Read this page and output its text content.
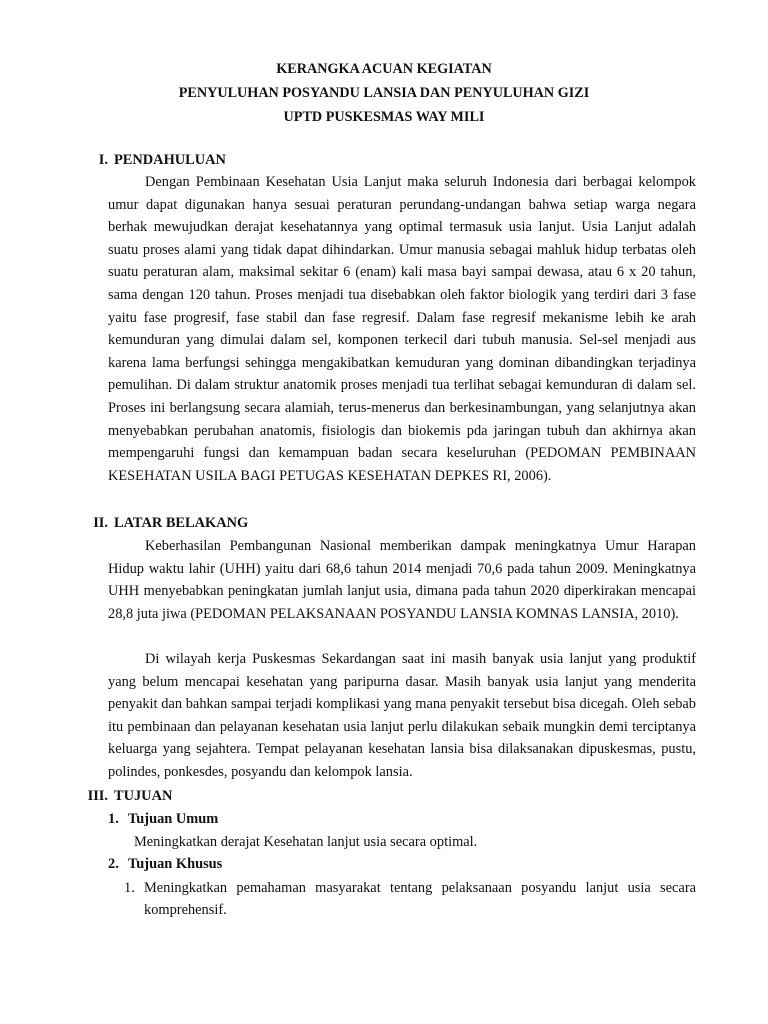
KERANGKA ACUAN KEGIATAN
PENYULUHAN POSYANDU LANSIA DAN PENYULUHAN GIZI
UPTD PUSKESMAS WAY MILI
I. PENDAHULUAN

Dengan Pembinaan Kesehatan Usia Lanjut maka seluruh Indonesia dari berbagai kelompok umur dapat digunakan hanya sesuai peraturan perundang-undangan bahwa setiap warga negara berhak mewujudkan derajat kesehatannya yang optimal termasuk usia lanjut. Usia Lanjut adalah suatu proses alami yang tidak dapat dihindarkan. Umur manusia sebagai mahluk hidup terbatas oleh suatu peraturan alam, maksimal sekitar 6 (enam) kali masa bayi sampai dewasa, atau 6 x 20 tahun, sama dengan 120 tahun. Proses menjadi tua disebabkan oleh faktor biologik yang terdiri dari 3 fase yaitu fase progresif, fase stabil dan fase regresif. Dalam fase regresif mekanisme lebih ke arah kemunduran yang dimulai dalam sel, komponen terkecil dari tubuh manusia. Sel-sel menjadi aus karena lama berfungsi sehingga mengakibatkan kemuduran yang dominan dibandingkan terjadinya pemulihan. Di dalam struktur anatomik proses menjadi tua terlihat sebagai kemunduran di dalam sel. Proses ini berlangsung secara alamiah, terus-menerus dan berkesinambungan, yang selanjutnya akan menyebabkan perubahan anatomis, fisiologis dan biokemis pda jaringan tubuh dan akhirnya akan mempengaruhi fungsi dan kemampuan badan secara keseluruhan (PEDOMAN PEMBINAAN KESEHATAN USILA BAGI PETUGAS KESEHATAN DEPKES RI, 2006).

II. LATAR BELAKANG

Keberhasilan Pembangunan Nasional memberikan dampak meningkatnya Umur Harapan Hidup waktu lahir (UHH) yaitu dari 68,6 tahun 2014 menjadi 70,6 pada tahun 2009. Meningkatnya UHH menyebabkan peningkatan jumlah lanjut usia, dimana pada tahun 2020 diperkirakan mencapai 28,8 juta jiwa (PEDOMAN PELAKSANAAN POSYANDU LANSIA KOMNAS LANSIA, 2010).

Di wilayah kerja Puskesmas Sekardangan saat ini masih banyak usia lanjut yang produktif yang belum mencapai kesehatan yang paripurna dasar. Masih banyak usia lanjut yang menderita penyakit dan bahkan sampai terjadi komplikasi yang mana penyakit tersebut bisa dicegah. Oleh sebab itu pembinaan dan pelayanan kesehatan usia lanjut perlu dilakukan sebaik mungkin demi terciptanya keluarga yang sejahtera. Tempat pelayanan kesehatan lansia bisa dilaksanakan dipuskesmas, pustu, polindes, ponkesdes, posyandu dan kelompok lansia.

III. TUJUAN
1. Tujuan Umum

Meningkatkan derajat Kesehatan lanjut usia secara optimal.

2. Tujuan Khusus
1. Meningkatkan pemahaman masyarakat tentang pelaksanaan posyandu lanjut usia secara komprehensif.
